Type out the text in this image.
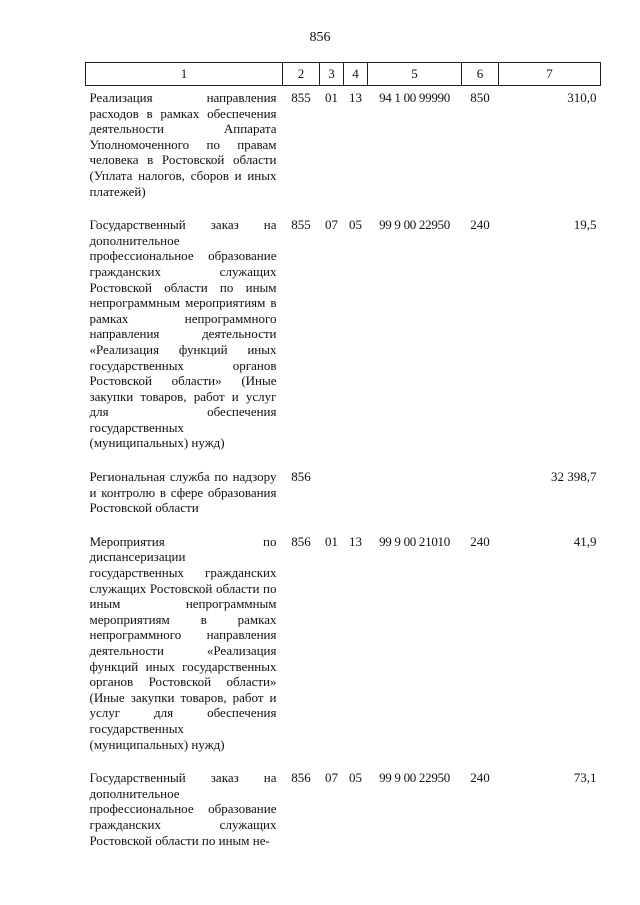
856
1	2	3	4	5	6	7
Реализация направления расходов в рамках обеспечения деятельности Аппарата Уполномоченного по правам человека в Ростовской области (Уплата налогов, сборов и иных платежей)	855	01	13	94 1 00 99990	850	310,0
Государственный заказ на дополнительное профессиональное образование гражданских служащих Ростовской области по иным непрограммным мероприятиям в рамках непрограммного направления деятельности «Реализация функций иных государственных органов Ростовской области» (Иные закупки товаров, работ и услуг для обеспечения государственных (муниципальных) нужд)	855	07	05	99 9 00 22950	240	19,5
Региональная служба по надзору и контролю в сфере образования Ростовской области	856					32 398,7
Мероприятия по диспансеризации государственных гражданских служащих Ростовской области по иным непрограммным мероприятиям в рамках непрограммного направления деятельности «Реализация функций иных государственных органов Ростовской области» (Иные закупки товаров, работ и услуг для обеспечения государственных (муниципальных) нужд)	856	01	13	99 9 00 21010	240	41,9
Государственный заказ на дополнительное профессиональное образование гражданских служащих Ростовской области по иным не-	856	07	05	99 9 00 22950	240	73,1
